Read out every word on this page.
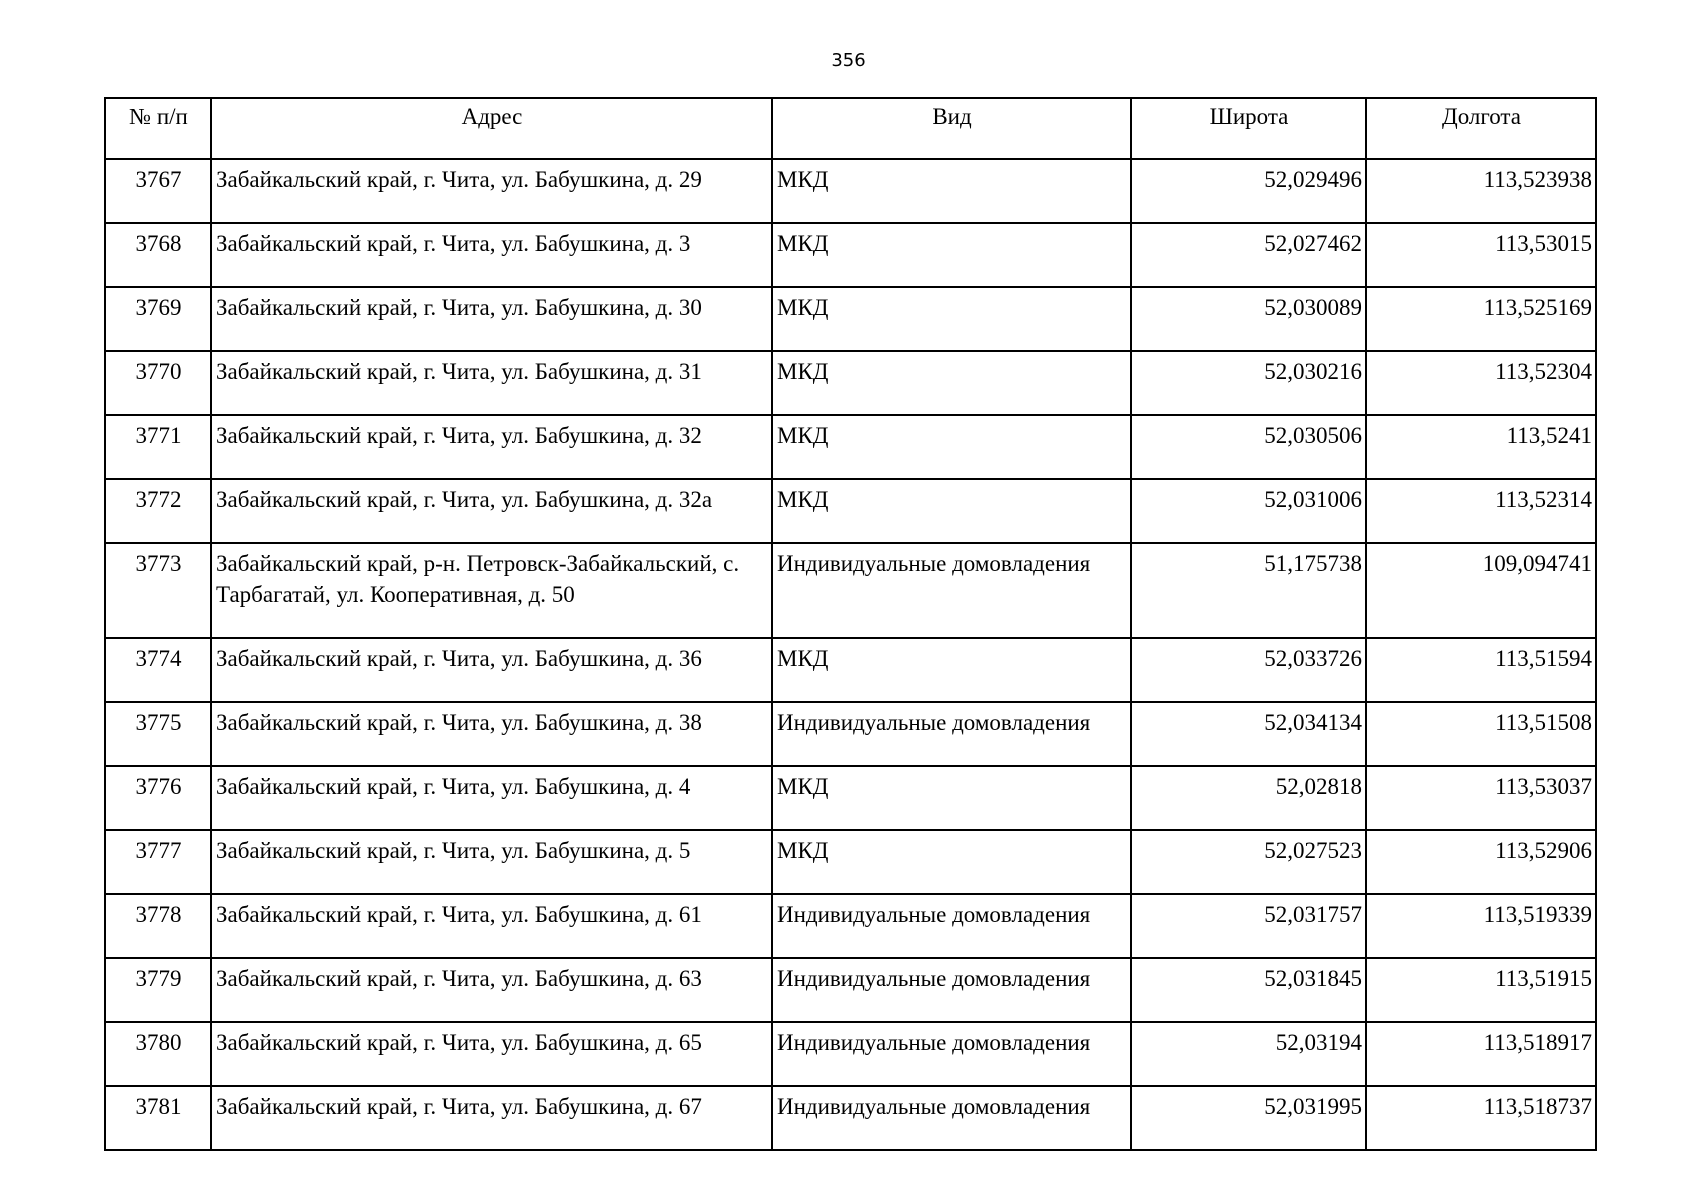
356
№ п/п	Адрес	Вид	Широта	Долгота
3767	Забайкальский край, г. Чита, ул. Бабушкина, д. 29	МКД	52,029496	113,523938
3768	Забайкальский край, г. Чита, ул. Бабушкина, д. 3	МКД	52,027462	113,53015
3769	Забайкальский край, г. Чита, ул. Бабушкина, д. 30	МКД	52,030089	113,525169
3770	Забайкальский край, г. Чита, ул. Бабушкина, д. 31	МКД	52,030216	113,52304
3771	Забайкальский край, г. Чита, ул. Бабушкина, д. 32	МКД	52,030506	113,5241
3772	Забайкальский край, г. Чита, ул. Бабушкина, д. 32а	МКД	52,031006	113,52314
3773	Забайкальский край, р-н. Петровск-Забайкальский, с. Тарбагатай, ул. Кооперативная, д. 50	Индивидуальные домовладения	51,175738	109,094741
3774	Забайкальский край, г. Чита, ул. Бабушкина, д. 36	МКД	52,033726	113,51594
3775	Забайкальский край, г. Чита, ул. Бабушкина, д. 38	Индивидуальные домовладения	52,034134	113,51508
3776	Забайкальский край, г. Чита, ул. Бабушкина, д. 4	МКД	52,02818	113,53037
3777	Забайкальский край, г. Чита, ул. Бабушкина, д. 5	МКД	52,027523	113,52906
3778	Забайкальский край, г. Чита, ул. Бабушкина, д. 61	Индивидуальные домовладения	52,031757	113,519339
3779	Забайкальский край, г. Чита, ул. Бабушкина, д. 63	Индивидуальные домовладения	52,031845	113,51915
3780	Забайкальский край, г. Чита, ул. Бабушкина, д. 65	Индивидуальные домовладения	52,03194	113,518917
3781	Забайкальский край, г. Чита, ул. Бабушкина, д. 67	Индивидуальные домовладения	52,031995	113,518737
